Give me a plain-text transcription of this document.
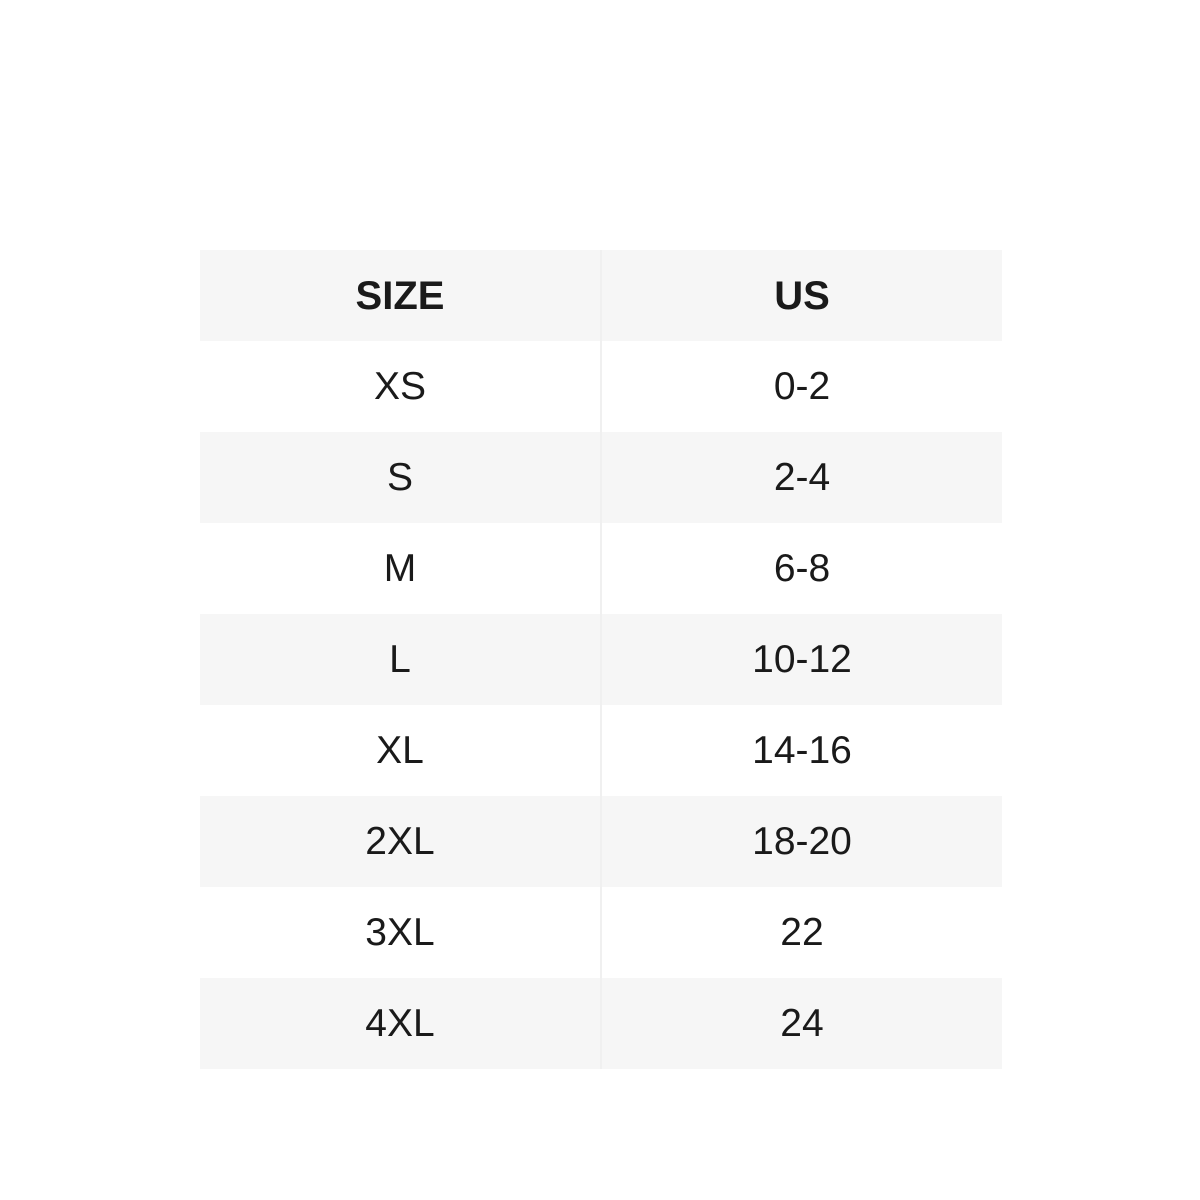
SIZE	US
XS	0-2
S	2-4
M	6-8
L	10-12
XL	14-16
2XL	18-20
3XL	22
4XL	24
